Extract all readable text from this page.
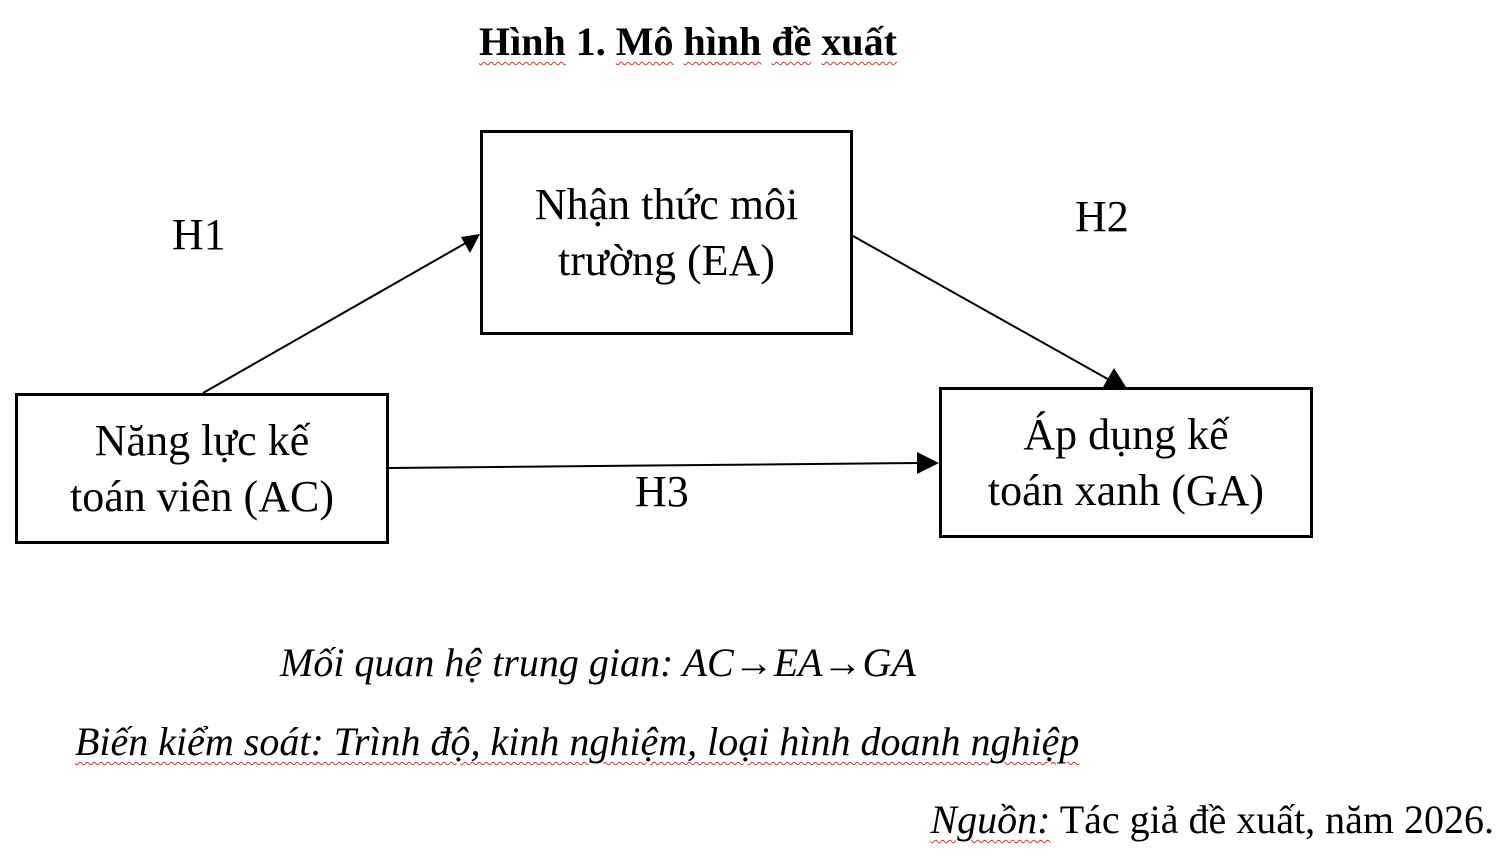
Hình 1. Mô hình đề xuất
Nhận thức môi
trường (EA)
Năng lực kế
toán viên (AC)
Áp dụng kế
toán xanh (GA)
H1	H2
H3
Mối quan hệ trung gian: AC→EA→GA
Biến kiểm soát: Trình độ, kinh nghiệm, loại hình doanh nghiệp
Nguồn: Tác giả đề xuất, năm 2026.
